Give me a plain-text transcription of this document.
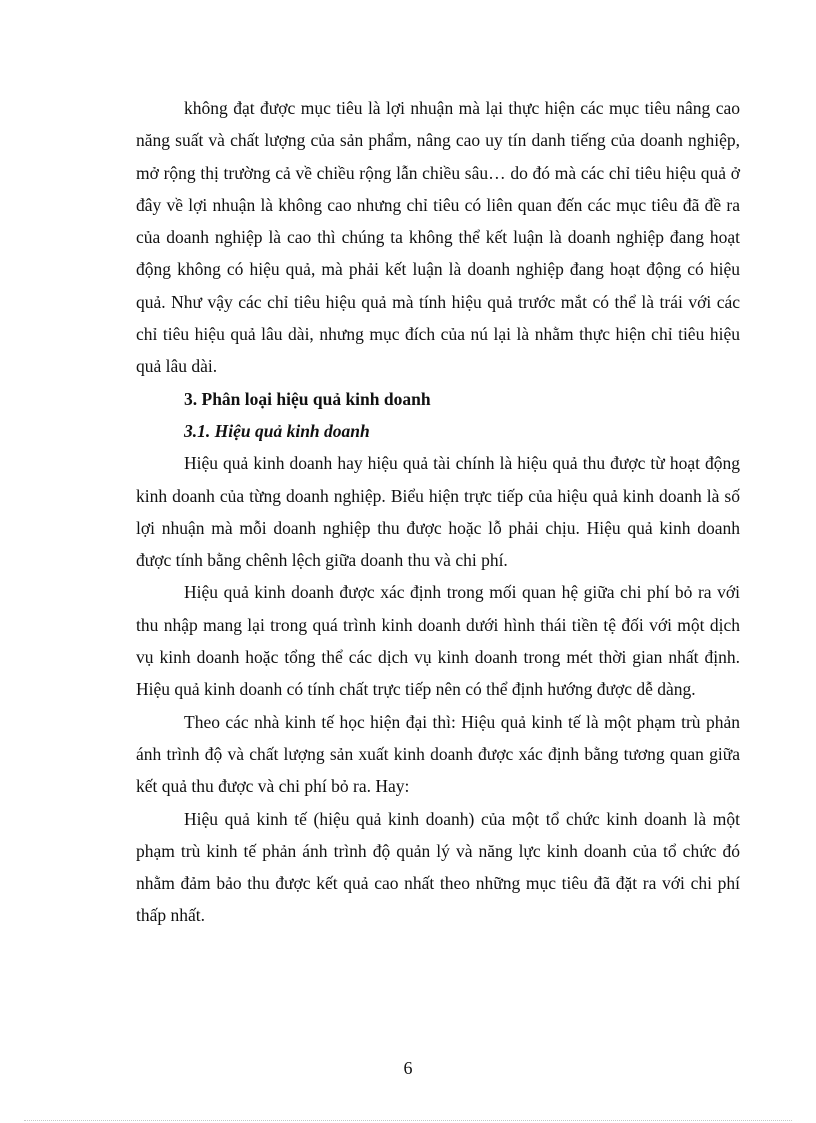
không đạt được mục tiêu là lợi nhuận mà lại thực hiện các mục tiêu nâng cao năng suất và chất lượng của sản phẩm, nâng cao uy tín danh tiếng của doanh nghiệp, mở rộng thị trường cả về chiều rộng lẫn chiều sâu… do đó mà các chỉ tiêu hiệu quả ở đây về lợi nhuận là không cao nhưng chỉ tiêu có liên quan đến các mục tiêu đã đề ra của doanh nghiệp là cao thì chúng ta không thể kết luận là doanh nghiệp đang hoạt động không có hiệu quả, mà phải kết luận là doanh nghiệp đang hoạt động có hiệu quả. Như vậy các chỉ tiêu hiệu quả mà tính hiệu quả trước mắt có thể là trái với các chỉ tiêu hiệu quả lâu dài, nhưng mục đích của nú lại là nhằm thực hiện chỉ tiêu hiệu quả lâu dài.

3. Phân loại hiệu quả kinh doanh

3.1. Hiệu quả kinh doanh

Hiệu quả kinh doanh hay hiệu quả tài chính là hiệu quả thu được từ hoạt động kinh doanh của từng doanh nghiệp. Biểu hiện trực tiếp của hiệu quả kinh doanh là số lợi nhuận mà mỗi doanh nghiệp thu được hoặc lỗ phải chịu. Hiệu quả kinh doanh được tính bằng chênh lệch giữa doanh thu và chi phí.

Hiệu quả kinh doanh được xác định trong mối quan hệ giữa chi phí bỏ ra với thu nhập mang lại trong quá trình kinh doanh dưới hình thái tiền tệ đối với một dịch vụ kinh doanh hoặc tổng thể các dịch vụ kinh doanh trong mét thời gian nhất định. Hiệu quả kinh doanh có tính chất trực tiếp nên có thể định hướng được dễ dàng.

Theo các nhà kinh tế học hiện đại thì: Hiệu quả kinh tế là một phạm trù phản ánh trình độ và chất lượng sản xuất kinh doanh được xác định bằng tương quan giữa kết quả thu được và chi phí bỏ ra. Hay:

Hiệu quả kinh tế (hiệu quả kinh doanh) của một tổ chức kinh doanh là một phạm trù kinh tế phản ánh trình độ quản lý và năng lực kinh doanh của tổ chức đó nhằm đảm bảo thu được kết quả cao nhất theo những mục tiêu đã đặt ra với chi phí thấp nhất.

6
